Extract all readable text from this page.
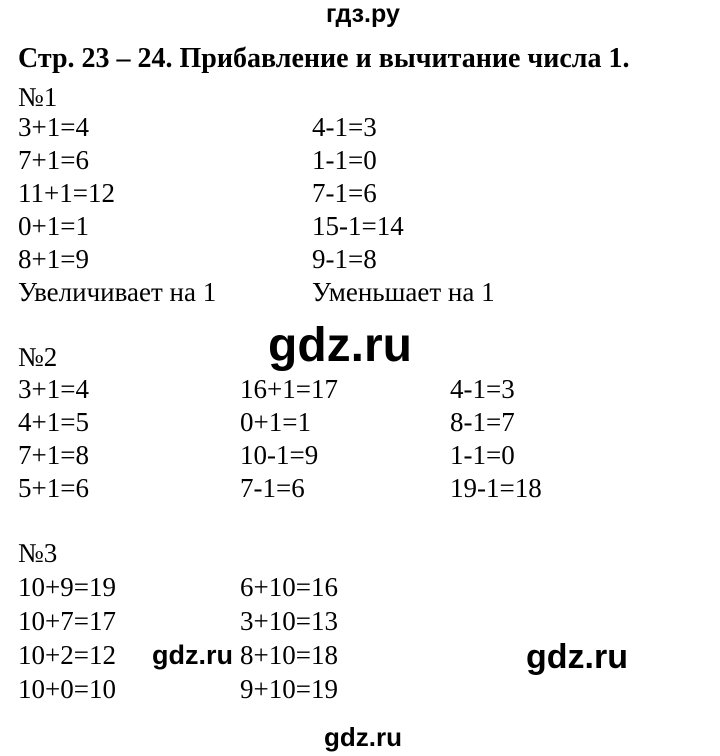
гдз.ру
Стр. 23 – 24. Прибавление и вычитание числа 1.
№1
3+1=4
7+1=6
11+1=12
0+1=1
8+1=9
Увеличивает на 1
4-1=3
1-1=0
7-1=6
15-1=14
9-1=8
Уменьшает на 1
gdz.ru
№2
3+1=4
4+1=5
7+1=8
5+1=6
16+1=17
0+1=1
10-1=9
7-1=6
4-1=3
8-1=7
1-1=0
19-1=18
№3
10+9=19
10+7=17
10+2=12
10+0=10
6+10=16
3+10=13
8+10=18
9+10=19
gdz.ru	gdz.ru
gdz.ru
